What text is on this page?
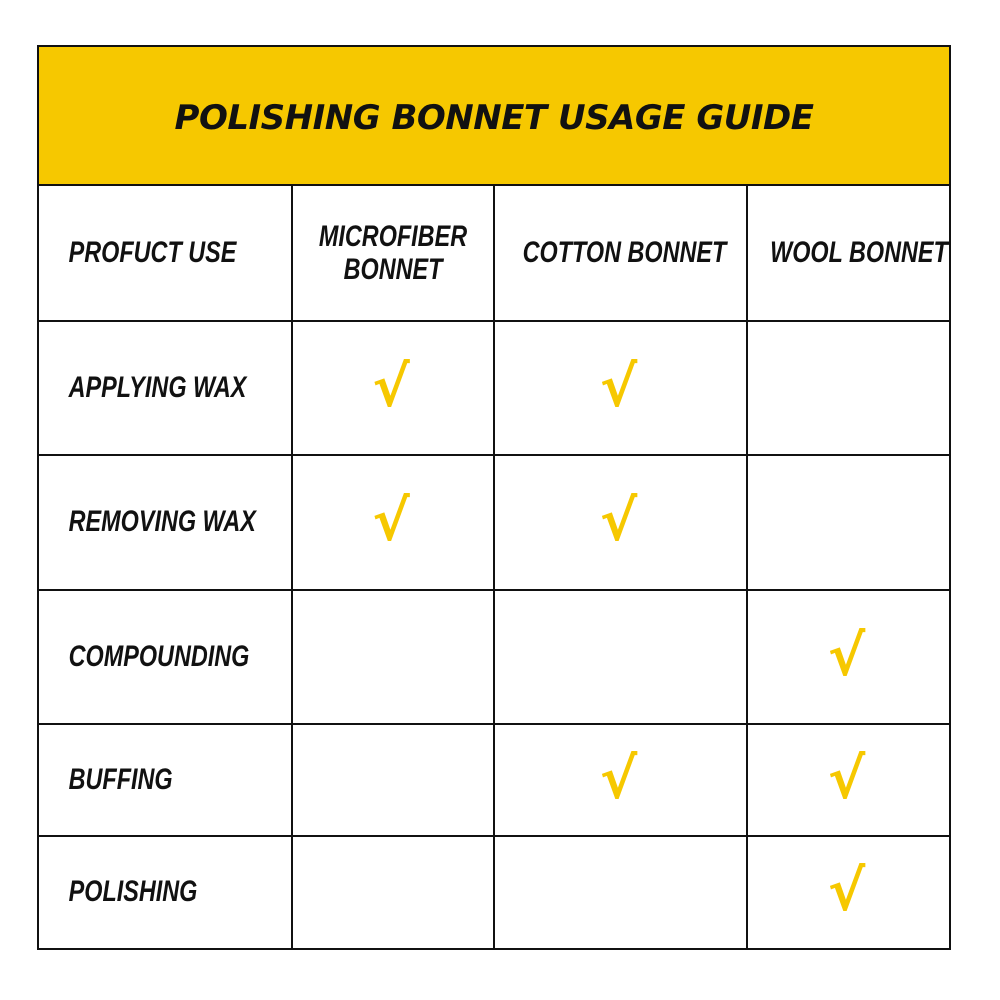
POLISHING BONNET USAGE GUIDE
PROFUCT USE	MICROFIBER BONNET	COTTON BONNET	WOOL BONNET

APPLYING WAX	√	√	

REMOVING WAX	√	√	

COMPOUNDING			√

BUFFING		√	√

POLISHING			√
